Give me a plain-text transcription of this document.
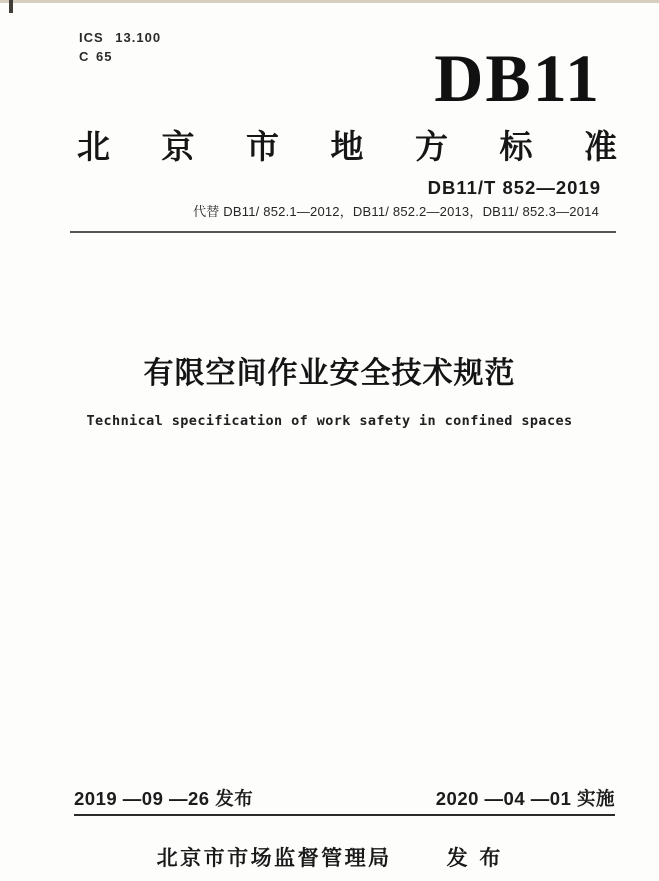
ICS 13.100
C 65	DB11
北 京 市 地 方 标 准
DB11/T 852—2019
代替 DB11/ 852.1—2012，DB11/ 852.2—2013，DB11/ 852.3—2014
有限空间作业安全技术规范
Technical specification of work safety in confined spaces
2019 —09 —26 发布	2020 —04 —01 实施
北京市市场监督管理局	发 布
